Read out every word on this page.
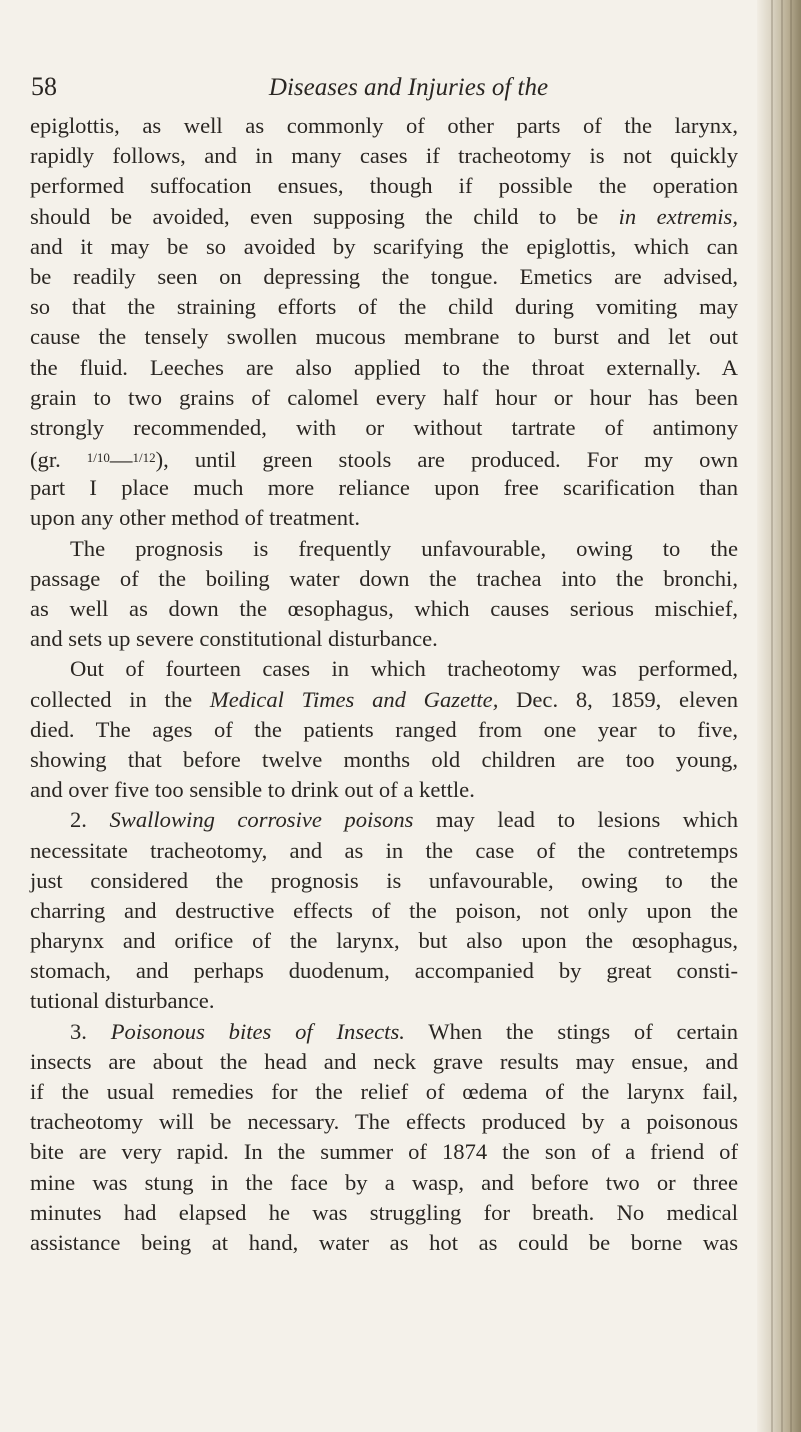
58	Diseases and Injuries of the
epiglottis, as well as commonly of other parts of the larynx,
rapidly follows, and in many cases if tracheotomy is not quickly
performed suffocation ensues, though if possible the operation
should be avoided, even supposing the child to be in extremis,
and it may be so avoided by scarifying the epiglottis, which can
be readily seen on depressing the tongue. Emetics are advised,
so that the straining efforts of the child during vomiting may
cause the tensely swollen mucous membrane to burst and let out
the fluid. Leeches are also applied to the throat externally. A
grain to two grains of calomel every half hour or hour has been
strongly recommended, with or without tartrate of antimony
(gr. $^{1/10}$—$^{1/12}$), until green stools are produced. For my own
part I place much more reliance upon free scarification than
upon any other method of treatment.
The prognosis is frequently unfavourable, owing to the
passage of the boiling water down the trachea into the bronchi,
as well as down the œsophagus, which causes serious mischief,
and sets up severe constitutional disturbance.
Out of fourteen cases in which tracheotomy was performed,
collected in the Medical Times and Gazette, Dec. 8, 1859, eleven
died. The ages of the patients ranged from one year to five,
showing that before twelve months old children are too young,
and over five too sensible to drink out of a kettle.
2. Swallowing corrosive poisons may lead to lesions which
necessitate tracheotomy, and as in the case of the contretemps
just considered the prognosis is unfavourable, owing to the
charring and destructive effects of the poison, not only upon the
pharynx and orifice of the larynx, but also upon the œsophagus,
stomach, and perhaps duodenum, accompanied by great consti-
tutional disturbance.
3. Poisonous bites of Insects. When the stings of certain
insects are about the head and neck grave results may ensue, and
if the usual remedies for the relief of œdema of the larynx fail,
tracheotomy will be necessary. The effects produced by a poisonous
bite are very rapid. In the summer of 1874 the son of a friend of
mine was stung in the face by a wasp, and before two or three
minutes had elapsed he was struggling for breath. No medical
assistance being at hand, water as hot as could be borne was
